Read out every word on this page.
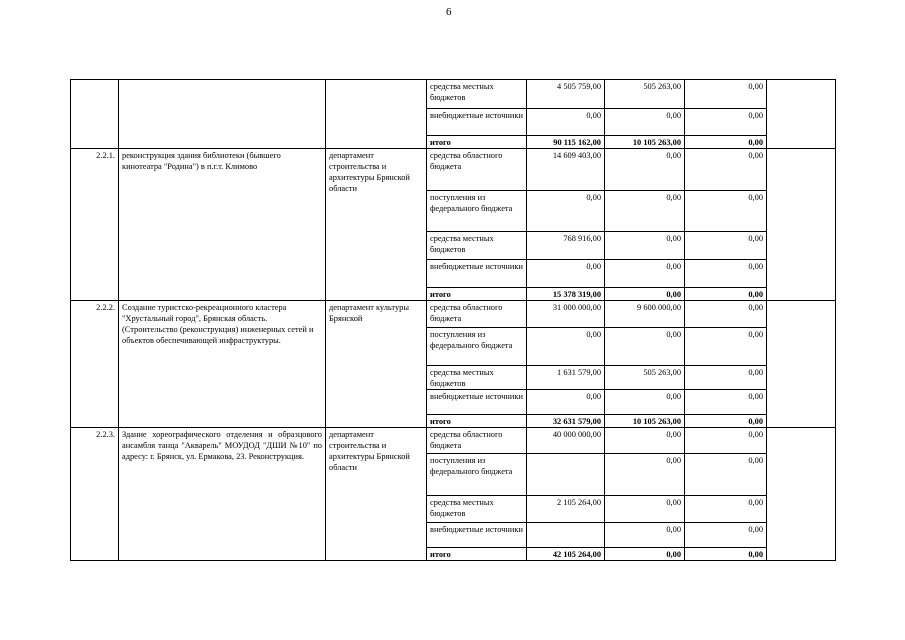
6
			средства местных бюджетов	4 505 759,00	505 263,00	0,00	
			внебюджетные источники	0,00	0,00	0,00	
			итого	90 115 162,00	10 105 263,00	0,00	
2.2.1.	реконструкция здания библиотеки (бывшего кинотеатра "Родина") в п.г.т. Климово	департамент строительства и архитектуры Брянской области	средства областного бюджета	14 609 403,00	0,00	0,00	
			поступления из федерального бюджета	0,00	0,00	0,00	
			средства местных бюджетов	768 916,00	0,00	0,00	
			внебюджетные источники	0,00	0,00	0,00	
			итого	15 378 319,00	0,00	0,00	
2.2.2.	Создание туристско-рекреационного кластера "Хрустальный город", Брянская область. (Строительство (реконструкция) инженерных сетей и объектов обеспечивающей инфраструктуры.	департамент культуры Брянской	средства областного бюджета	31 000 000,00	9 600 000,00	0,00	
			поступления из федерального бюджета	0,00	0,00	0,00	
			средства местных бюджетов	1 631 579,00	505 263,00	0,00	
			внебюджетные источники	0,00	0,00	0,00	
			итого	32 631 579,00	10 105 263,00	0,00	
2.2.3.	Здание хореографического отделения и образцового ансамбля танца "Акварель" МОУДОД "ДШИ №10" по адресу: г. Брянск, ул. Ермакова, 23. Реконструкция.	департамент строительства и архитектуры Брянской области	средства областного бюджета	40 000 000,00	0,00	0,00	
			поступления из федерального бюджета		0,00	0,00	
			средства местных бюджетов	2 105 264,00	0,00	0,00	
			внебюджетные источники		0,00	0,00	
			итого	42 105 264,00	0,00	0,00	
